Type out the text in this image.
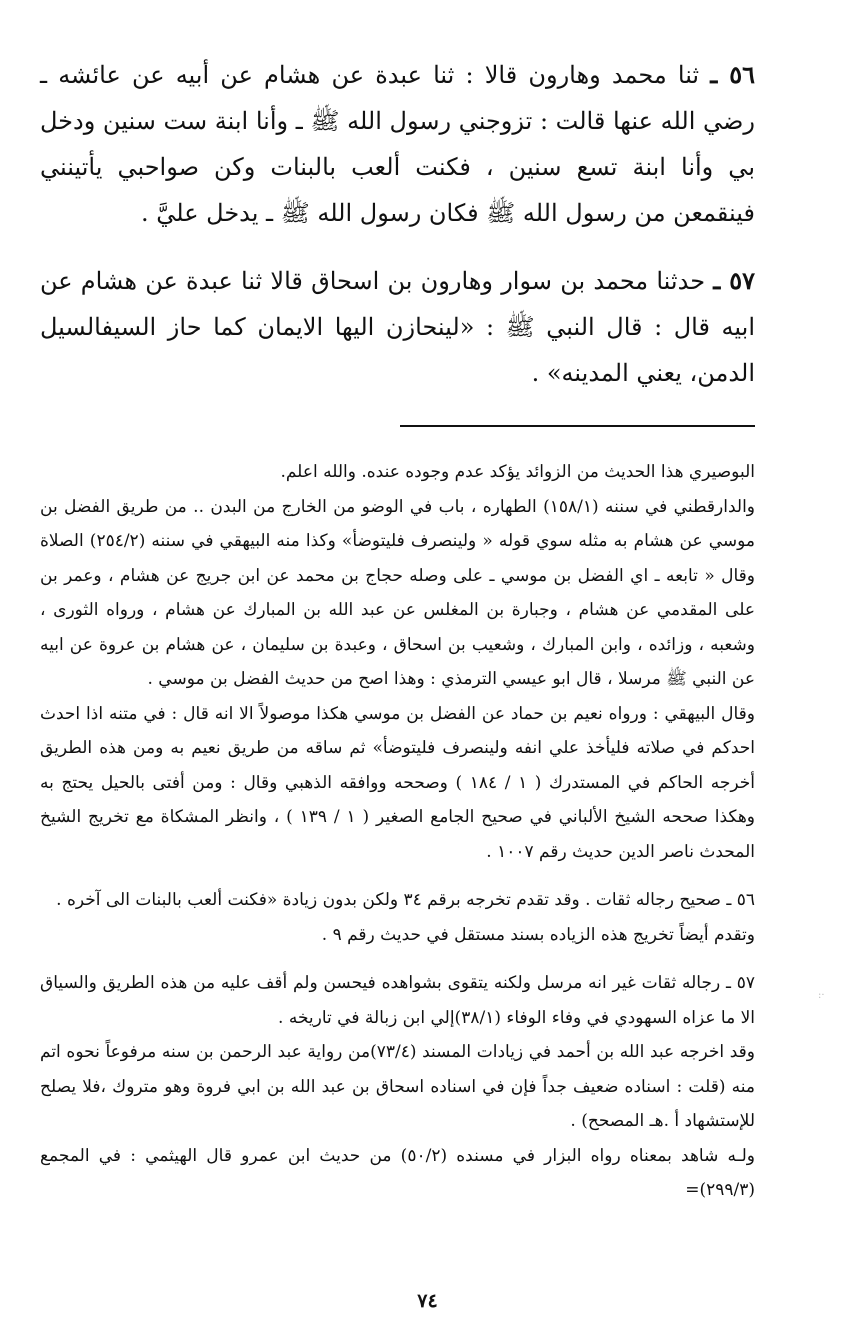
٥٦ ـ ثنا محمد وهارون قالا : ثنا عبدة عن هشام عن أبيه عن عائشه ـ رضي الله عنها قالت : تزوجني رسول الله ﷺ ـ وأنا ابنة ست سنين ودخل بي وأنا ابنة تسع سنين ، فكنت ألعب بالبنات وكن صواحبي يأتينني فينقمعن من رسول الله ﷺ فكان رسول الله ﷺ ـ يدخل عليَّ .

٥٧ ـ حدثنا محمد بن سوار وهارون بن اسحاق قالا ثنا عبدة عن هشام عن ابيه قال : قال النبي ﷺ : «لينحازن اليها الايمان كما حاز السيفالسيل الدمن، يعني المدينه» .

البوصيري هذا الحديث من الزوائد يؤكد عدم وجوده عنده. والله اعلم.

والدارقطني في سننه (١٥٨/١) الطهاره ، باب في الوضو من الخارج من البدن .. من طريق الفضل بن موسي عن هشام به مثله سوي قوله « ولينصرف فليتوضأ» وكذا منه البيهقي في سننه (٢٥٤/٢) الصلاة وقال « تابعه ـ اي الفضل بن موسي ـ على وصله حجاج بن محمد عن ابن جريج عن هشام ، وعمر بن على المقدمي عن هشام ، وجبارة بن المغلس عن عبد الله بن المبارك عن هشام ، ورواه الثورى ، وشعبه ، وزائده ، وابن المبارك ، وشعيب بن اسحاق ، وعبدة بن سليمان ، عن هشام بن عروة عن ابيه عن النبي ﷺ مرسلا ، قال ابو عيسي الترمذي : وهذا اصح من حديث الفضل بن موسي .

وقال البيهقي : ورواه نعيم بن حماد عن الفضل بن موسي هكذا موصولاً الا انه قال : في متنه اذا احدث احدكم في صلاته فليأخذ علي انفه ولينصرف فليتوضأ» ثم ساقه من طريق نعيم به ومن هذه الطريق أخرجه الحاكم في المستدرك ( ١ / ١٨٤ ) وصححه ووافقه الذهبي وقال : ومن أفتى بالحيل يحتج به وهكذا صححه الشيخ الألباني في صحيح الجامع الصغير ( ١ / ١٣٩ ) ، وانظر المشكاة مع تخريج الشيخ المحدث ناصر الدين حديث رقم ١٠٠٧ .

٥٦ ـ صحيح رجاله ثقات . وقد تقدم تخرجه برقم ٣٤ ولكن بدون زيادة «فكنت ألعب بالبنات الى آخره .

وتقدم أيضاً تخريج هذه الزياده بسند مستقل في حديث رقم ٩ .

٥٧ ـ رجاله ثقات غير انه مرسل ولكنه يتقوى بشواهده فيحسن ولم أقف عليه من هذه الطريق والسياق الا ما عزاه السهودي في وفاء الوفاء (٣٨/١)إلي ابن زبالة في تاريخه .

وقد اخرجه عبد الله بن أحمد في زيادات المسند (٧٣/٤)من رواية عبد الرحمن بن سنه مرفوعاً نحوه اتم منه (قلت : اسناده ضعيف جداً فإن في اسناده اسحاق بن عبد الله بن ابي فروة وهو متروك ،فلا يصلح للإستشهاد أ .هـ المصحح) .

ولـه شاهد بمعناه رواه البزار في مسنده (٥٠/٢) من حديث ابن عمرو قال الهيثمي : في المجمع (٢٩٩/٣)=

٧٤
·:
